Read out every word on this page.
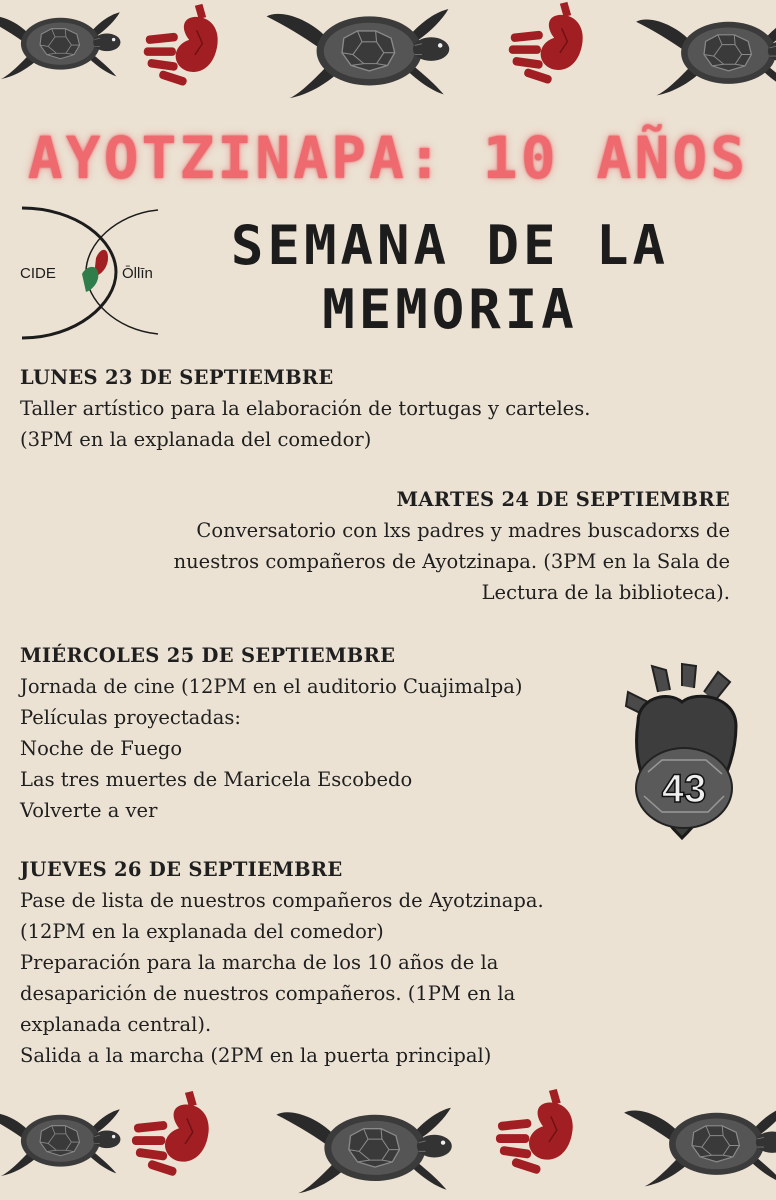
AYOTZINAPA: 10 AÑOS
CIDE	Ōllīn	SEMANA DE LA MEMORIA
LUNES 23 DE SEPTIEMBRE
Taller artístico para la elaboración de tortugas y carteles.
(3PM en la explanada del comedor)
MARTES 24 DE SEPTIEMBRE
Conversatorio con lxs padres y madres buscadorxs de
nuestros compañeros de Ayotzinapa. (3PM en la Sala de
Lectura de la biblioteca).
MIÉRCOLES 25 DE SEPTIEMBRE
Jornada de cine (12PM en el auditorio Cuajimalpa)
Películas proyectadas:
Noche de Fuego
Las tres muertes de Maricela Escobedo
Volverte a ver	43
JUEVES 26 DE SEPTIEMBRE
Pase de lista de nuestros compañeros de Ayotzinapa.
(12PM en la explanada del comedor)
Preparación para la marcha de los 10 años de la
desaparición de nuestros compañeros. (1PM en la
explanada central).
Salida a la marcha (2PM en la puerta principal)
